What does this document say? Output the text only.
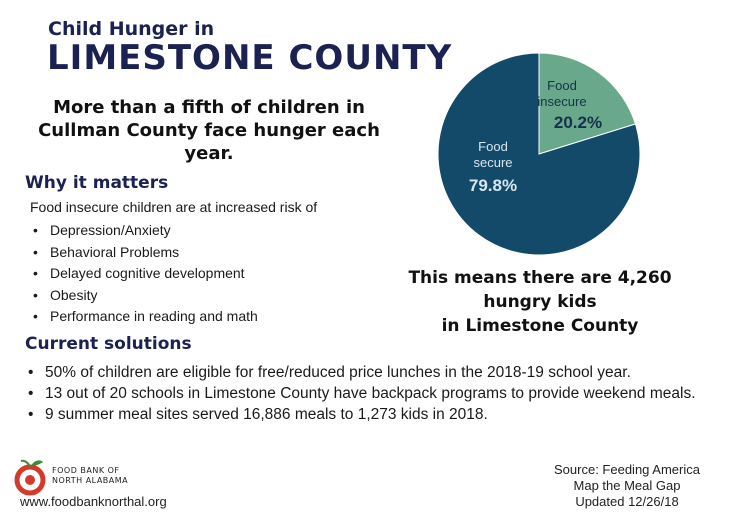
Child Hunger in
LIMESTONE COUNTY
More than a fifth of children in Cullman County face hunger each year.
Why it matters
Food insecure children are at increased risk of
• Depression/Anxiety
• Behavioral Problems
• Delayed cognitive development
• Obesity
• Performance in reading and math
Current solutions
• 50% of children are eligible for free/reduced price lunches in the 2018-19 school year.
• 13 out of 20 schools in Limestone County have backpack programs to provide weekend meals.
• 9 summer meal sites served 16,886 meals to 1,273 kids in 2018.
Food
insecure
20.2%
Food
secure
79.8%
This means there are 4,260
hungry kids
in Limestone County
FOOD BANK OF
NORTH ALABAMA
www.foodbanknorthal.org
Source: Feeding America
Map the Meal Gap
Updated 12/26/18
